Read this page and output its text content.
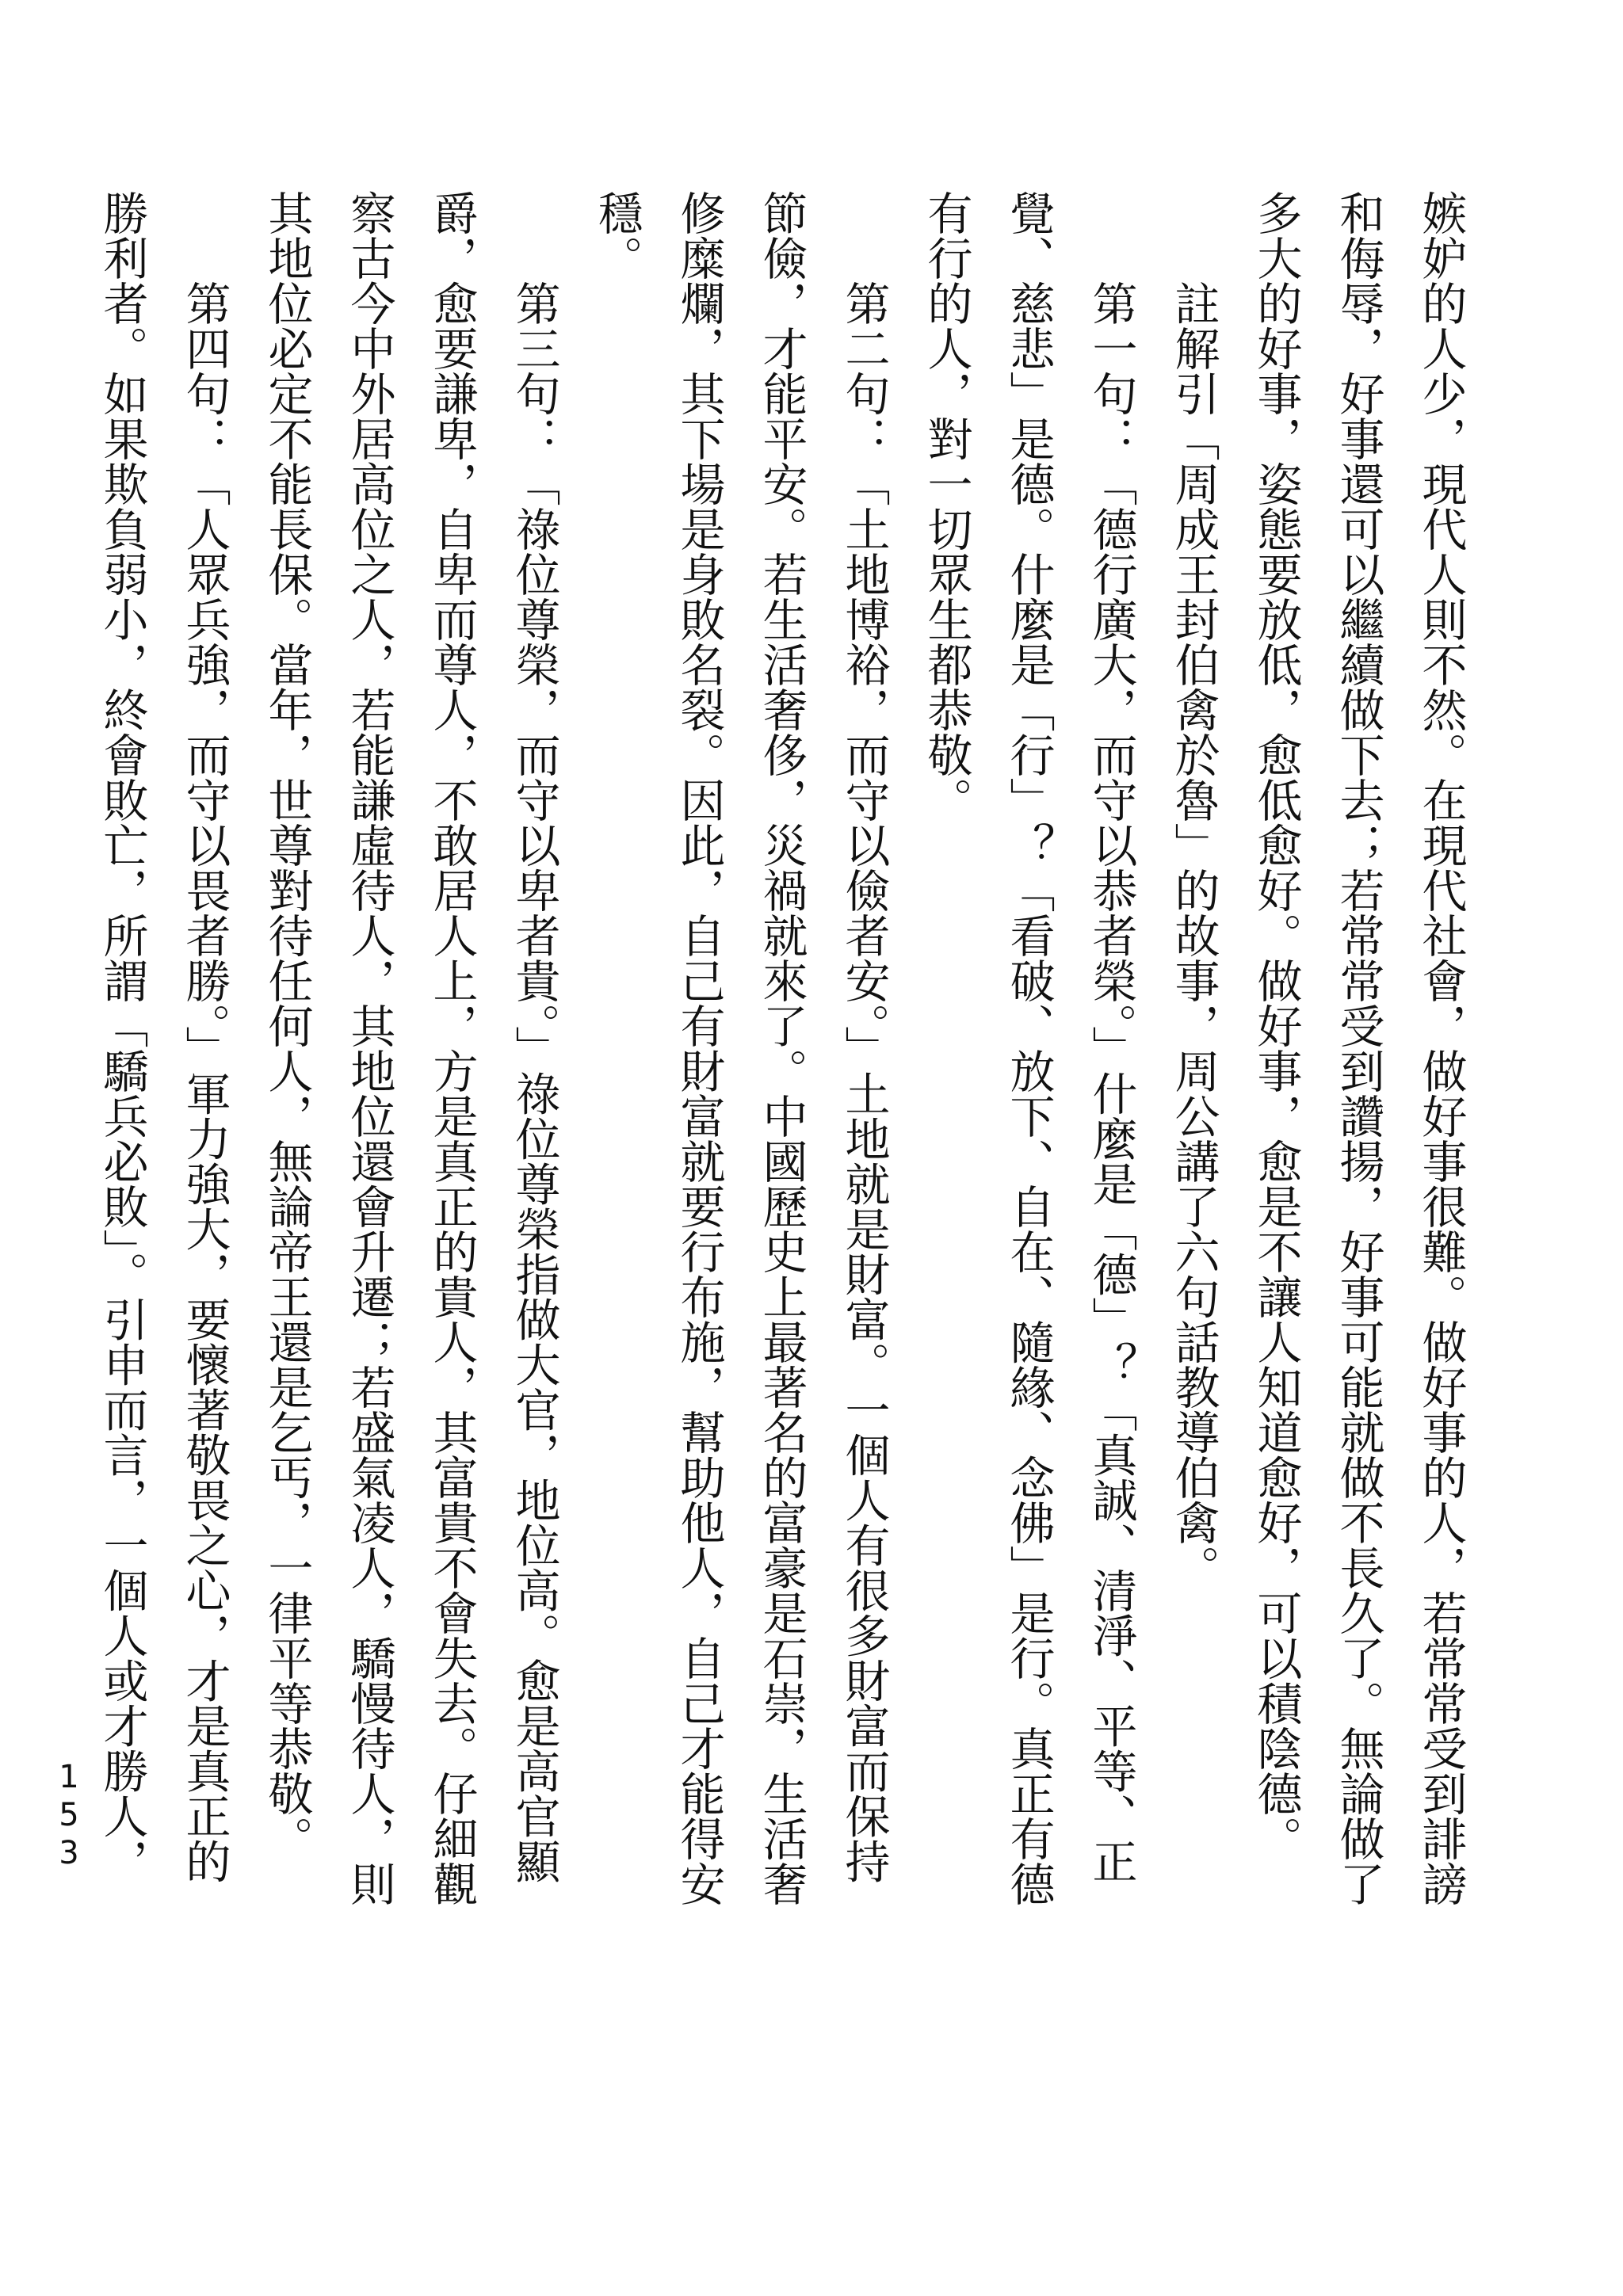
嫉妒的人少，現代人則不然。在現代社會，做好事很難。做好事的人，若常常受到誹謗

和侮辱，好事還可以繼續做下去；若常常受到讚揚，好事可能就做不長久了。無論做了

多大的好事，姿態要放低，愈低愈好。做好事，愈是不讓人知道愈好，可以積陰德。

註解引「周成王封伯禽於魯」的故事，周公講了六句話教導伯禽。

第一句：「德行廣大，而守以恭者榮。」什麼是「德」？「真誠、清淨、平等、正

覺、慈悲」是德。什麼是「行」？「看破、放下、自在、隨緣、念佛」是行。真正有德

有行的人，對一切眾生都恭敬。

第二句：「土地博裕，而守以儉者安。」土地就是財富。一個人有很多財富而保持

節儉，才能平安。若生活奢侈，災禍就來了。中國歷史上最著名的富豪是石崇，生活奢

修糜爛，其下場是身敗名裂。因此，自己有財富就要行布施，幫助他人，自己才能得安

穩。

第三句：「祿位尊榮，而守以卑者貴。」祿位尊榮指做大官，地位高。愈是高官顯

爵，愈要謙卑，自卑而尊人，不敢居人上，方是真正的貴人，其富貴不會失去。仔細觀

察古今中外居高位之人，若能謙虛待人，其地位還會升遷；若盛氣凌人，驕慢待人，則

其地位必定不能長保。當年，世尊對待任何人，無論帝王還是乞丐，一律平等恭敬。

第四句：「人眾兵強，而守以畏者勝。」軍力強大，要懷著敬畏之心，才是真正的

勝利者。如果欺負弱小，終會敗亡，所謂「驕兵必敗」。引申而言，一個人或才勝人，

153
